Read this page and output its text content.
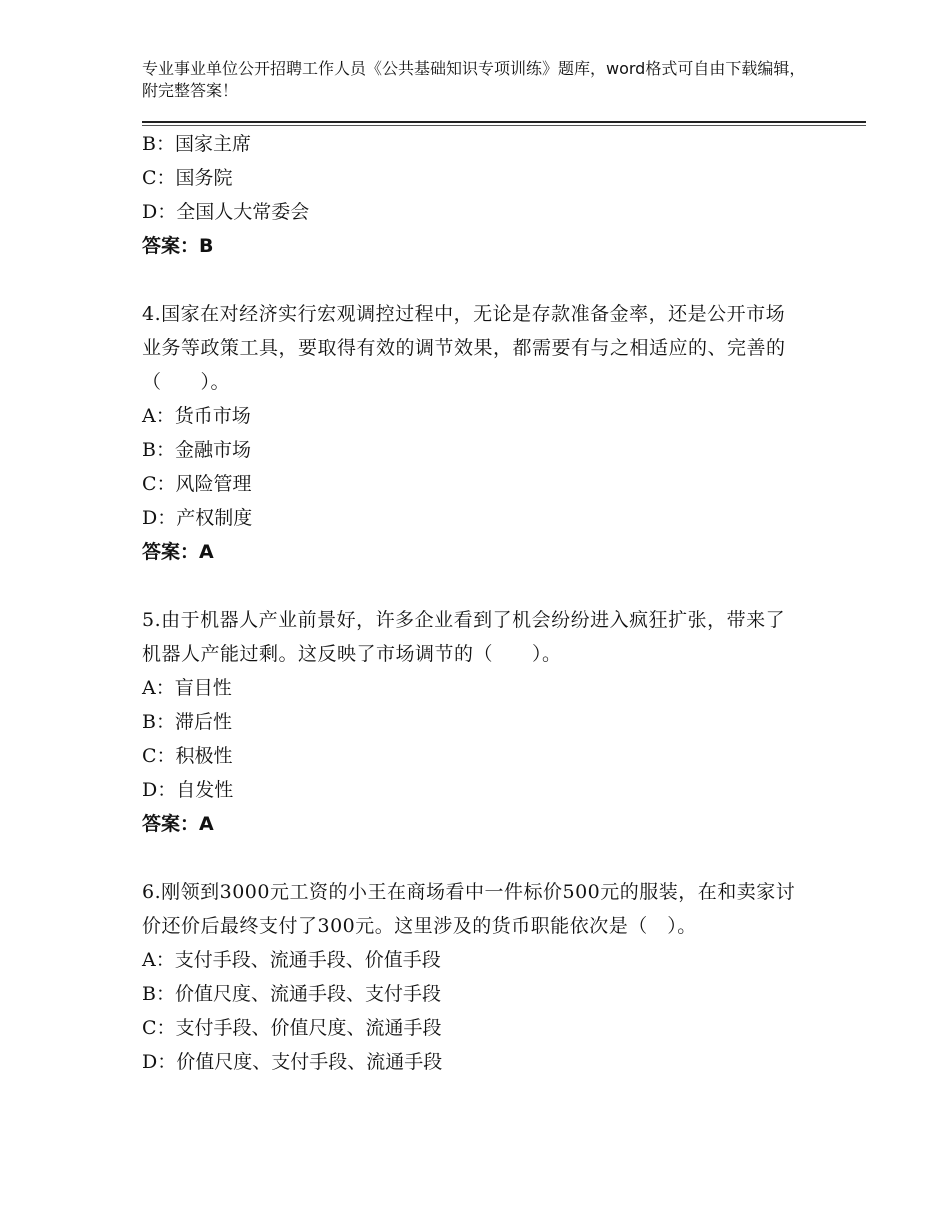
专业事业单位公开招聘工作人员《公共基础知识专项训练》题库，word格式可自由下载编辑，附完整答案！
B：国家主席
C：国务院
D：全国人大常委会
答案：B
4.国家在对经济实行宏观调控过程中，无论是存款准备金率，还是公开市场业务等政策工具，要取得有效的调节效果，都需要有与之相适应的、完善的（　　）。
A：货币市场
B：金融市场
C：风险管理
D：产权制度
答案：A
5.由于机器人产业前景好，许多企业看到了机会纷纷进入疯狂扩张，带来了机器人产能过剩。这反映了市场调节的（　　）。
A：盲目性
B：滞后性
C：积极性
D：自发性
答案：A
6.刚领到3000元工资的小王在商场看中一件标价500元的服装，在和卖家讨价还价后最终支付了300元。这里涉及的货币职能依次是（　）。
A：支付手段、流通手段、价值手段
B：价值尺度、流通手段、支付手段
C：支付手段、价值尺度、流通手段
D：价值尺度、支付手段、流通手段
